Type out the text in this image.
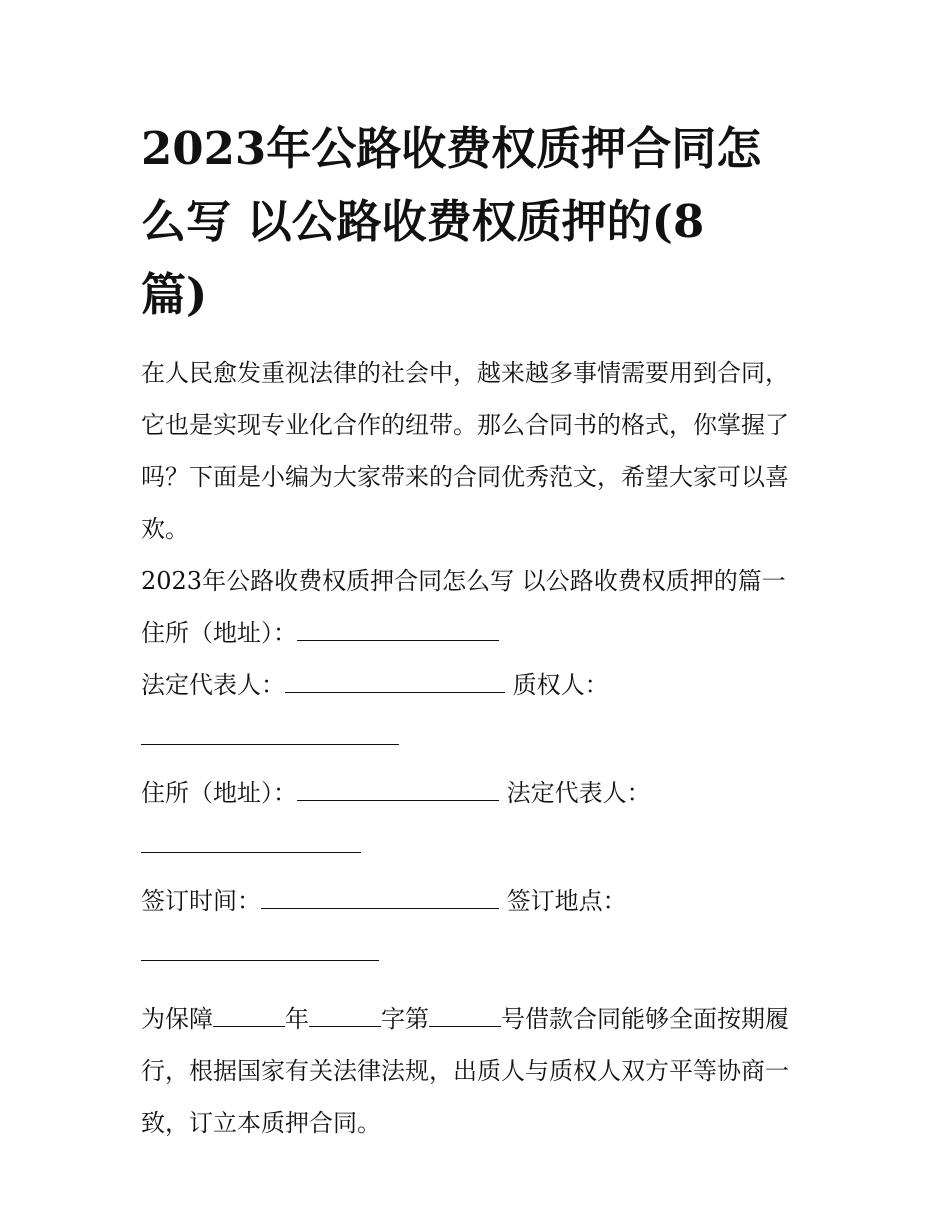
2023年公路收费权质押合同怎
么写 以公路收费权质押的(8
篇)
在人民愈发重视法律的社会中，越来越多事情需要用到合同，
它也是实现专业化合作的纽带。那么合同书的格式，你掌握了
吗？下面是小编为大家带来的合同优秀范文，希望大家可以喜
欢。
2023年公路收费权质押合同怎么写 以公路收费权质押的篇一
住所（地址）：
法定代表人：	质权人：
住所（地址）：	法定代表人：
签订时间：	签订地点：
为保障	年	字第	号借款合同能够全面按期履
行，根据国家有关法律法规，出质人与质权人双方平等协商一
致，订立本质押合同。
